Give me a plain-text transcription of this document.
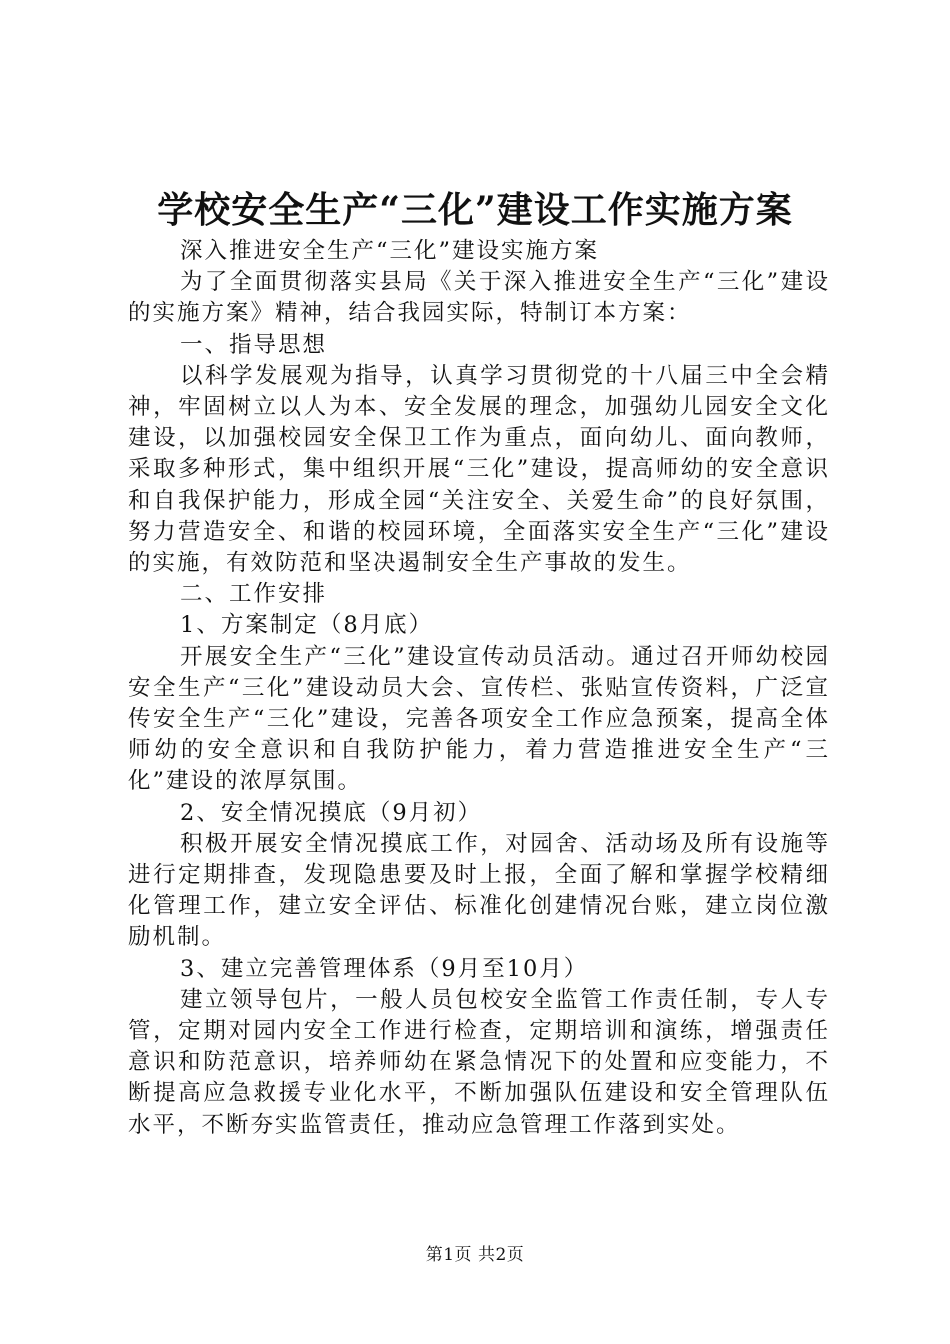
学校安全生产“三化”建设工作实施方案

深入推进安全生产“三化”建设实施方案

为了全面贯彻落实县局《关于深入推进安全生产“三化”建设的实施方案》精神，结合我园实际，特制订本方案：

一、指导思想

以科学发展观为指导，认真学习贯彻党的十八届三中全会精神，牢固树立以人为本、安全发展的理念，加强幼儿园安全文化建设，以加强校园安全保卫工作为重点，面向幼儿、面向教师，采取多种形式，集中组织开展“三化”建设，提高师幼的安全意识和自我保护能力，形成全园“关注安全、关爱生命”的良好氛围，努力营造安全、和谐的校园环境，全面落实安全生产“三化”建设的实施，有效防范和坚决遏制安全生产事故的发生。

二、工作安排

1、方案制定（8月底）

开展安全生产“三化”建设宣传动员活动。通过召开师幼校园安全生产“三化”建设动员大会、宣传栏、张贴宣传资料，广泛宣传安全生产“三化”建设，完善各项安全工作应急预案，提高全体师幼的安全意识和自我防护能力，着力营造推进安全生产“三化”建设的浓厚氛围。

2、安全情况摸底（9月初）

积极开展安全情况摸底工作，对园舍、活动场及所有设施等进行定期排查，发现隐患要及时上报，全面了解和掌握学校精细化管理工作，建立安全评估、标准化创建情况台账，建立岗位激励机制。

3、建立完善管理体系（9月至10月）

建立领导包片，一般人员包校安全监管工作责任制，专人专管，定期对园内安全工作进行检查，定期培训和演练，增强责任意识和防范意识，培养师幼在紧急情况下的处置和应变能力，不断提高应急救援专业化水平，不断加强队伍建设和安全管理队伍水平，不断夯实监管责任，推动应急管理工作落到实处。

第1页 共2页
